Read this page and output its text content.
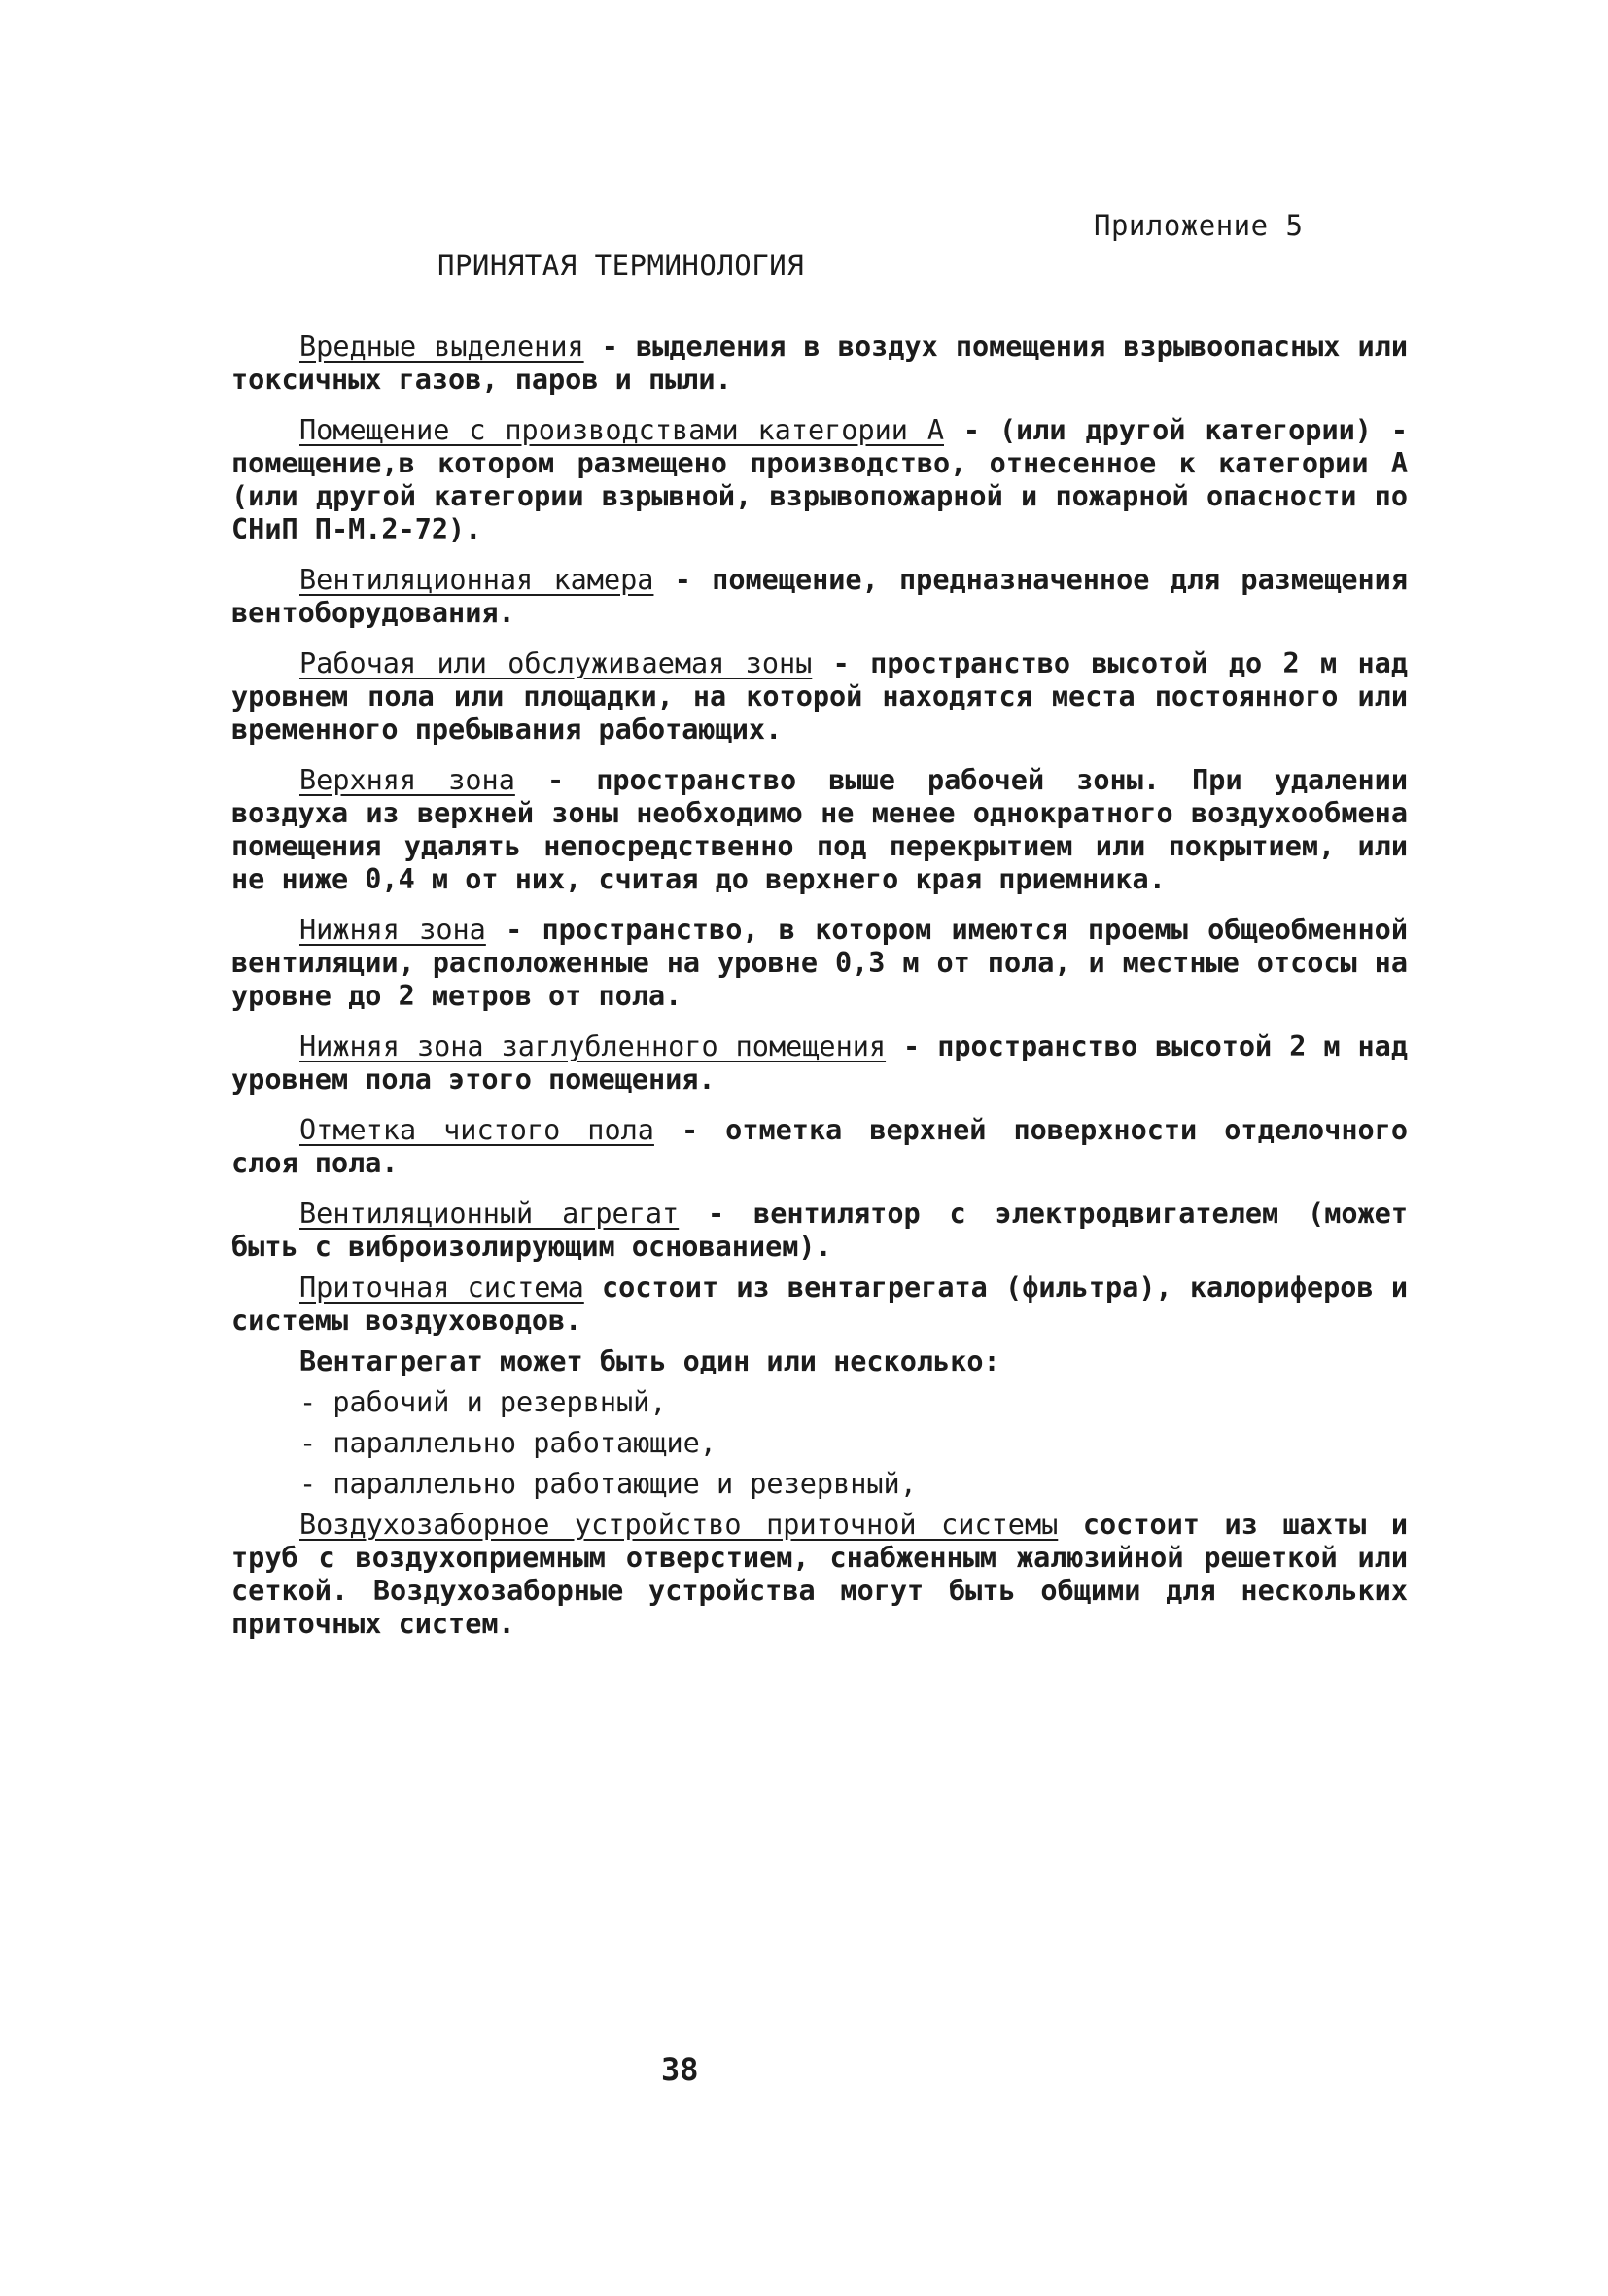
Приложение 5
ПРИНЯТАЯ ТЕРМИНОЛОГИЯ

Вредные выделения - выделения в воздух помещения взрывоопасных или токсичных газов, паров и пыли.

Помещение с производствами категории А - (или другой категории) - помещение,в котором размещено производство, отнесенное к категории А (или другой категории взрывной, взрывопожарной и пожарной опасности по СНиП П-М.2-72).

Вентиляционная камера - помещение, предназначенное для размещения вентоборудования.

Рабочая или обслуживаемая зоны - пространство высотой до 2 м над уровнем пола или площадки, на которой находятся места постоянного или временного пребывания работающих.

Верхняя зона - пространство выше рабочей зоны. При удалении воздуха из верхней зоны необходимо не менее однократного воздухообмена помещения удалять непосредственно под перекрытием или покрытием, или не ниже 0,4 м от них, считая до верхнего края приемника.

Нижняя зона - пространство, в котором имеются проемы общеобменной вентиляции, расположенные на уровне 0,3 м от пола, и местные отсосы на уровне до 2 метров от пола.

Нижняя зона заглубленного помещения - пространство высотой 2 м над уровнем пола этого помещения.

Отметка чистого пола - отметка верхней поверхности отделочного слоя пола.

Вентиляционный агрегат - вентилятор с электродвигателем (может быть с виброизолирующим основанием).

Приточная система состоит из вентагрегата (фильтра), калориферов и системы воздуховодов.

Вентагрегат может быть один или несколько:

- рабочий и резервный,
- параллельно работающие,
- параллельно работающие и резервный,

Воздухозаборное устройство приточной системы состоит из шахты и труб с воздухоприемным отверстием, снабженным жалюзийной решеткой или сеткой. Воздухозаборные устройства могут быть общими для нескольких приточных систем.

38
